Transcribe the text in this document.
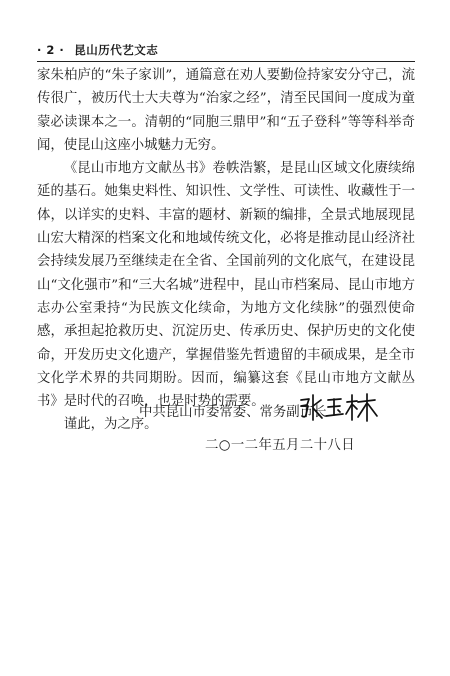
· 2 · 昆山历代艺文志

家朱柏庐的“朱子家训”，通篇意在劝人要勤俭持家安分守己，流传很广，被历代士大夫尊为“治家之经”，清至民国间一度成为童蒙必读课本之一。清朝的“同胞三鼎甲”和“五子登科”等等科举奇闻，使昆山这座小城魅力无穷。

《昆山市地方文献丛书》卷帙浩繁，是昆山区域文化赓续绵延的基石。她集史料性、知识性、文学性、可读性、收藏性于一体，以详实的史料、丰富的题材、新颖的编排，全景式地展现昆山宏大精深的档案文化和地域传统文化，必将是推动昆山经济社会持续发展乃至继续走在全省、全国前列的文化底气，在建设昆山“文化强市”和“三大名城”进程中，昆山市档案局、昆山市地方志办公室秉持“为民族文化续命，为地方文化续脉”的强烈使命感，承担起抢救历史、沉淀历史、传承历史、保护历史的文化使命，开发历史文化遗产，掌握借鉴先哲遗留的丰硕成果，是全市文化学术界的共同期盼。因而，编纂这套《昆山市地方文献丛书》是时代的召唤，也是时势的需要。

谨此，为之序。

中共昆山市委常委、常务副市长
二○一二年五月二十八日
